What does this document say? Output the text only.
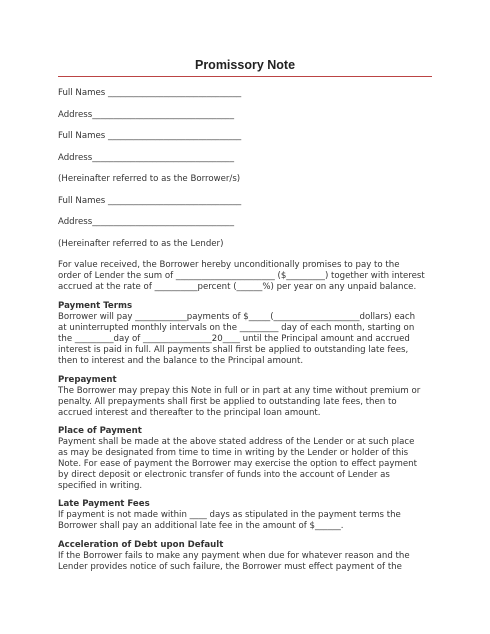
Promissory Note
Full Names _______________________________
Address_________________________________
Full Names _______________________________
Address_________________________________
(Hereinafter referred to as the Borrower/s)
Full Names _______________________________
Address_________________________________
(Hereinafter referred to as the Lender)
For value received, the Borrower hereby unconditionally promises to pay to the
order of Lender the sum of _______________________ ($_________) together with interest
accrued at the rate of __________percent (______%) per year on any unpaid balance.
Payment Terms
Borrower will pay ____________payments of $_____(____________________dollars) each
at uninterrupted monthly intervals on the _________ day of each month, starting on
the _________day of ________________20____ until the Principal amount and accrued
interest is paid in full. All payments shall first be applied to outstanding late fees,
then to interest and the balance to the Principal amount.
Prepayment
The Borrower may prepay this Note in full or in part at any time without premium or
penalty. All prepayments shall first be applied to outstanding late fees, then to
accrued interest and thereafter to the principal loan amount.
Place of Payment
Payment shall be made at the above stated address of the Lender or at such place
as may be designated from time to time in writing by the Lender or holder of this
Note. For ease of payment the Borrower may exercise the option to effect payment
by direct deposit or electronic transfer of funds into the account of Lender as
specified in writing.
Late Payment Fees
If payment is not made within ____ days as stipulated in the payment terms the
Borrower shall pay an additional late fee in the amount of $______.
Acceleration of Debt upon Default
If the Borrower fails to make any payment when due for whatever reason and the
Lender provides notice of such failure, the Borrower must effect payment of the
